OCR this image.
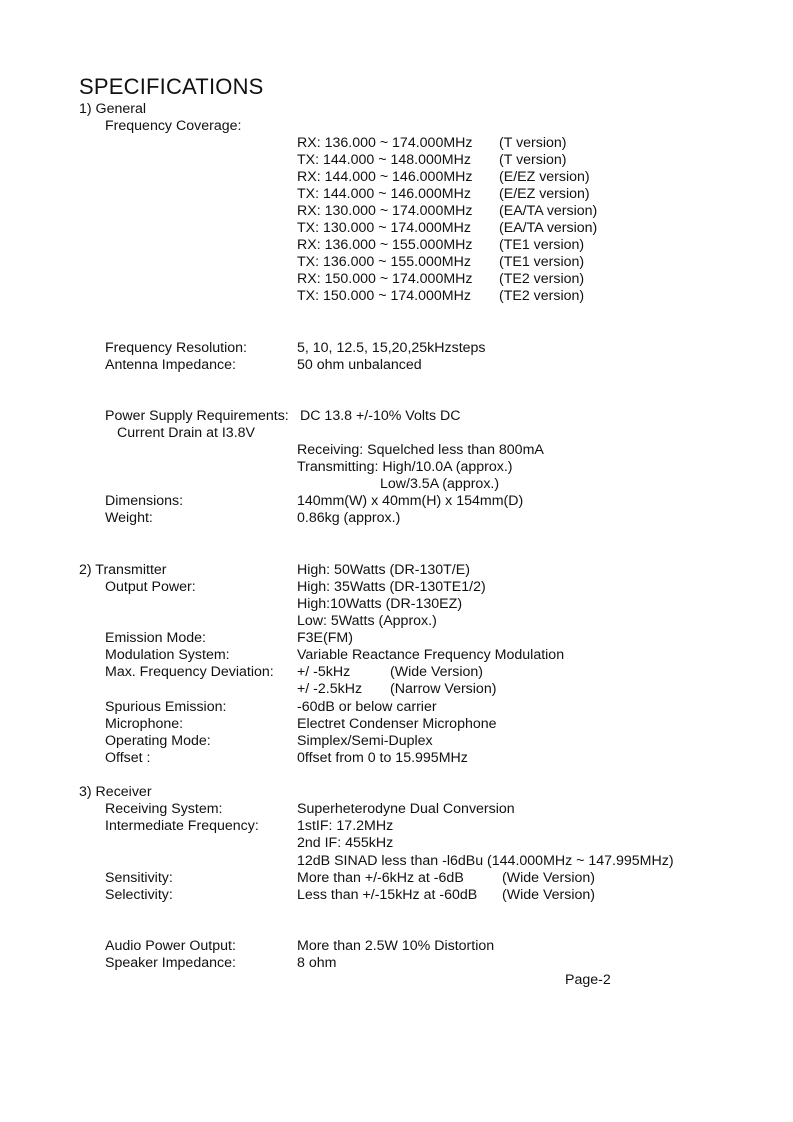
SPECIFICATIONS
1) General
Frequency Coverage:
RX: 136.000 ~ 174.000MHz (T version)
TX: 144.000 ~ 148.000MHz (T version)
RX: 144.000 ~ 146.000MHz (E/EZ version)
TX: 144.000 ~ 146.000MHz (E/EZ version)
RX: 130.000 ~ 174.000MHz (EA/TA version)
TX: 130.000 ~ 174.000MHz (EA/TA version)
RX: 136.000 ~ 155.000MHz (TE1 version)
TX: 136.000 ~ 155.000MHz (TE1 version)
RX: 150.000 ~ 174.000MHz (TE2 version)
TX: 150.000 ~ 174.000MHz (TE2 version)
Frequency Resolution:	5, 10, 12.5, 15,20,25kHzsteps
Antenna Impedance:	50 ohm unbalanced
Power Supply Requirements: DC 13.8 +/-10% Volts DC
Current Drain at I3.8V
Receiving: Squelched less than 800mA
Transmitting: High/10.0A (approx.)
Low/3.5A (approx.)
Dimensions:	140mm(W) x 40mm(H) x 154mm(D)
Weight:	0.86kg (approx.)
2) Transmitter	High: 50Watts (DR-130T/E)
Output Power:	High: 35Watts (DR-130TE1/2)
High:10Watts (DR-130EZ)
Low: 5Watts (Approx.)
Emission Mode:	F3E(FM)
Modulation System:	Variable Reactance Frequency Modulation
Max. Frequency Deviation: +/ -5kHz	(Wide Version)
+/ -2.5kHz (Narrow Version)
Spurious Emission:	-60dB or below carrier
Microphone:	Electret Condenser Microphone
Operating Mode:	Simplex/Semi-Duplex
Offset :	0ffset from 0 to 15.995MHz
3) Receiver
Receiving System:	Superheterodyne Dual Conversion
Intermediate Frequency:	1stIF: 17.2MHz
2nd IF: 455kHz
12dB SINAD less than -l6dBu (144.000MHz ~ 147.995MHz)
Sensitivity:	More than +/-6kHz at -6dB	(Wide Version)
Selectivity:	Less than +/-15kHz at -60dB (Wide Version)
Audio Power Output:	More than 2.5W 10% Distortion
Speaker Impedance:	8 ohm
Page-2
